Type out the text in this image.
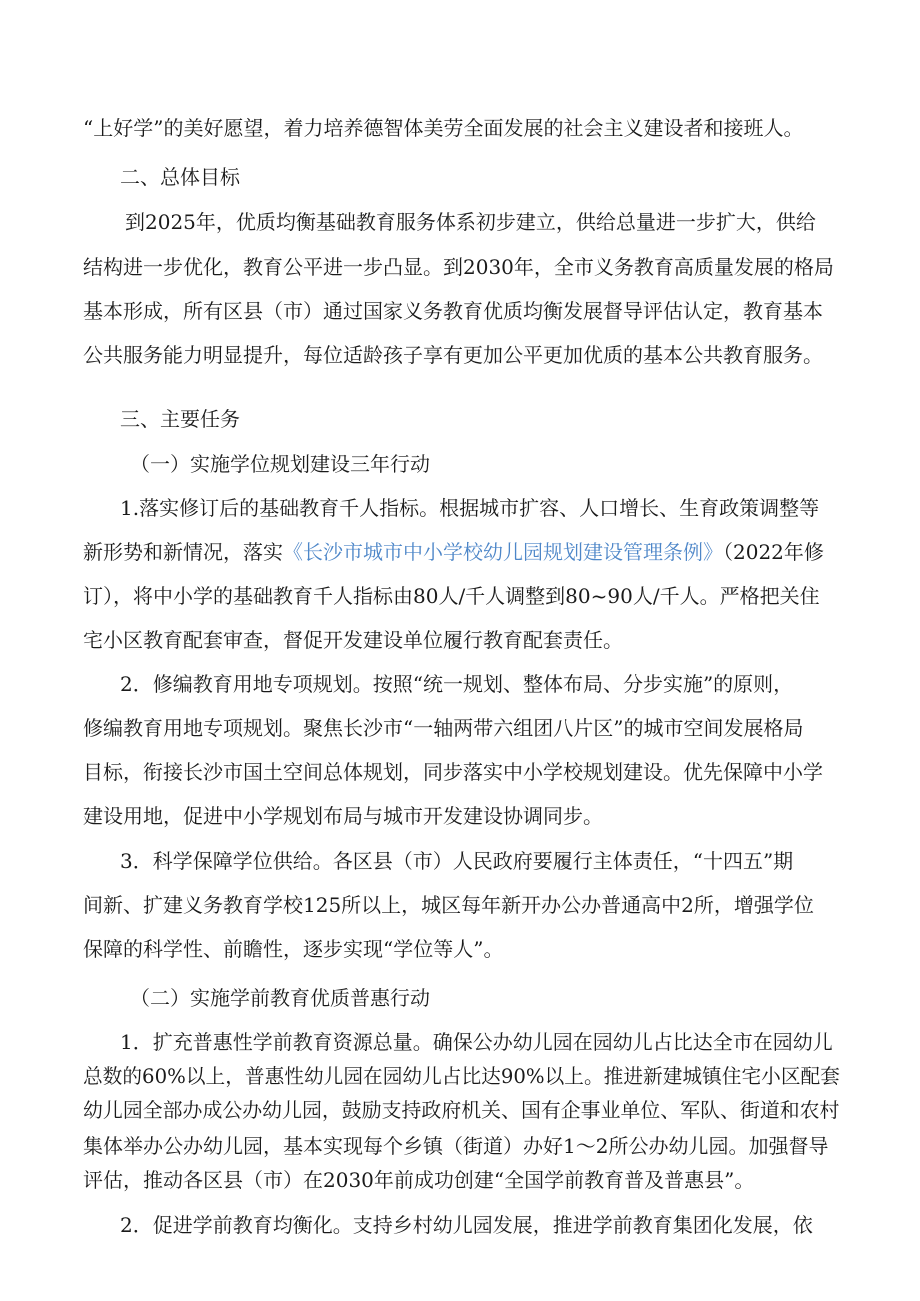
“上好学”的美好愿望，着力培养德智体美劳全面发展的社会主义建设者和接班人。
二、总体目标
到2025年，优质均衡基础教育服务体系初步建立，供给总量进一步扩大，供给
结构进一步优化，教育公平进一步凸显。到2030年，全市义务教育高质量发展的格局
基本形成，所有区县（市）通过国家义务教育优质均衡发展督导评估认定，教育基本
公共服务能力明显提升，每位适龄孩子享有更加公平更加优质的基本公共教育服务。
三、主要任务
（一）实施学位规划建设三年行动
1.落实修订后的基础教育千人指标。根据城市扩容、人口增长、生育政策调整等
新形势和新情况，落实《长沙市城市中小学校幼儿园规划建设管理条例》（2022年修
订），将中小学的基础教育千人指标由80人/千人调整到80~90人/千人。严格把关住
宅小区教育配套审查，督促开发建设单位履行教育配套责任。
2．修编教育用地专项规划。按照“统一规划、整体布局、分步实施”的原则，
修编教育用地专项规划。聚焦长沙市“一轴两带六组团八片区”的城市空间发展格局
目标，衔接长沙市国土空间总体规划，同步落实中小学校规划建设。优先保障中小学
建设用地，促进中小学规划布局与城市开发建设协调同步。
3．科学保障学位供给。各区县（市）人民政府要履行主体责任，“十四五”期
间新、扩建义务教育学校125所以上，城区每年新开办公办普通高中2所，增强学位
保障的科学性、前瞻性，逐步实现“学位等人”。
（二）实施学前教育优质普惠行动
1．扩充普惠性学前教育资源总量。确保公办幼儿园在园幼儿占比达全市在园幼儿
总数的60%以上，普惠性幼儿园在园幼儿占比达90%以上。推进新建城镇住宅小区配套
幼儿园全部办成公办幼儿园，鼓励支持政府机关、国有企事业单位、军队、街道和农村
集体举办公办幼儿园，基本实现每个乡镇（街道）办好1～2所公办幼儿园。加强督导
评估，推动各区县（市）在2030年前成功创建“全国学前教育普及普惠县”。
2．促进学前教育均衡化。支持乡村幼儿园发展，推进学前教育集团化发展，依
